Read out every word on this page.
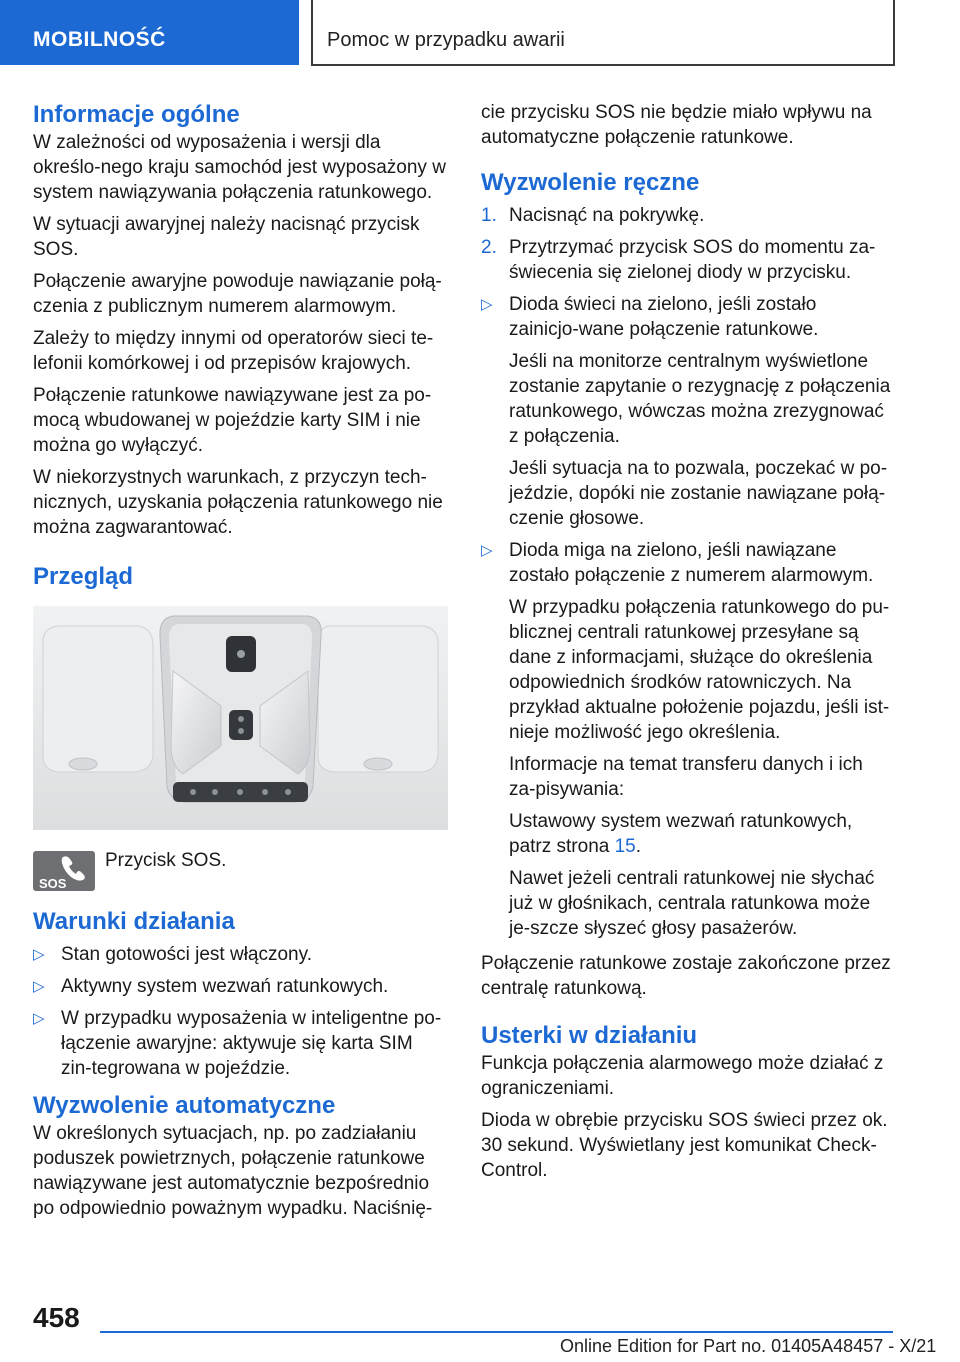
MOBILNOŚĆ	Pomoc w przypadku awarii
Informacje ogólne

W zależności od wyposażenia i wersji dla określo-nego kraju samochód jest wyposażony w system nawiązywania połączenia ratunkowego.

W sytuacji awaryjnej należy nacisnąć przycisk SOS.

Połączenie awaryjne powoduje nawiązanie połą-czenia z publicznym numerem alarmowym.

Zależy to między innymi od operatorów sieci te-lefonii komórkowej i od przepisów krajowych.

Połączenie ratunkowe nawiązywane jest za po-mocą wbudowanej w pojeździe karty SIM i nie można go wyłączyć.

W niekorzystnych warunkach, z przyczyn tech-nicznych, uzyskania połączenia ratunkowego nie można zagwarantować.

Przegląd
SOS
Przycisk SOS.
Warunki działania
▷ Stan gotowości jest włączony.
▷ Aktywny system wezwań ratunkowych.
▷ W przypadku wyposażenia w inteligentne po-łączenie awaryjne: aktywuje się karta SIM zin-tegrowana w pojeździe.
Wyzwolenie automatyczne

W określonych sytuacjach, np. po zadziałaniu poduszek powietrznych, połączenie ratunkowe nawiązywane jest automatycznie bezpośrednio po odpowiednio poważnym wypadku. Naciśnię-

cie przycisku SOS nie będzie miało wpływu na automatyczne połączenie ratunkowe.

Wyzwolenie ręczne
1. Nacisnąć na pokrywkę.
2. Przytrzymać przycisk SOS do momentu za-świecenia się zielonej diody w przycisku.
▷ Dioda świeci na zielono, jeśli zostało zainicjo-wane połączenie ratunkowe.
Jeśli na monitorze centralnym wyświetlone zostanie zapytanie o rezygnację z połączenia ratunkowego, wówczas można zrezygnować z połączenia.
Jeśli sytuacja na to pozwala, poczekać w po-jeździe, dopóki nie zostanie nawiązane połą-czenie głosowe.
▷ Dioda miga na zielono, jeśli nawiązane zostało połączenie z numerem alarmowym.
W przypadku połączenia ratunkowego do pu-blicznej centrali ratunkowej przesyłane są dane z informacjami, służące do określenia odpowiednich środków ratowniczych. Na przykład aktualne położenie pojazdu, jeśli ist-nieje możliwość jego określenia.
Informacje na temat transferu danych i ich za-pisywania:
Ustawowy system wezwań ratunkowych, patrz strona 15.
Nawet jeżeli centrali ratunkowej nie słychać już w głośnikach, centrala ratunkowa może je-szcze słyszeć głosy pasażerów.

Połączenie ratunkowe zostaje zakończone przez centralę ratunkową.

Usterki w działaniu

Funkcja połączenia alarmowego może działać z ograniczeniami.

Dioda w obrębie przycisku SOS świeci przez ok. 30 sekund. Wyświetlany jest komunikat Check-Control.

458
Online Edition for Part no. 01405A48457 - X/21
